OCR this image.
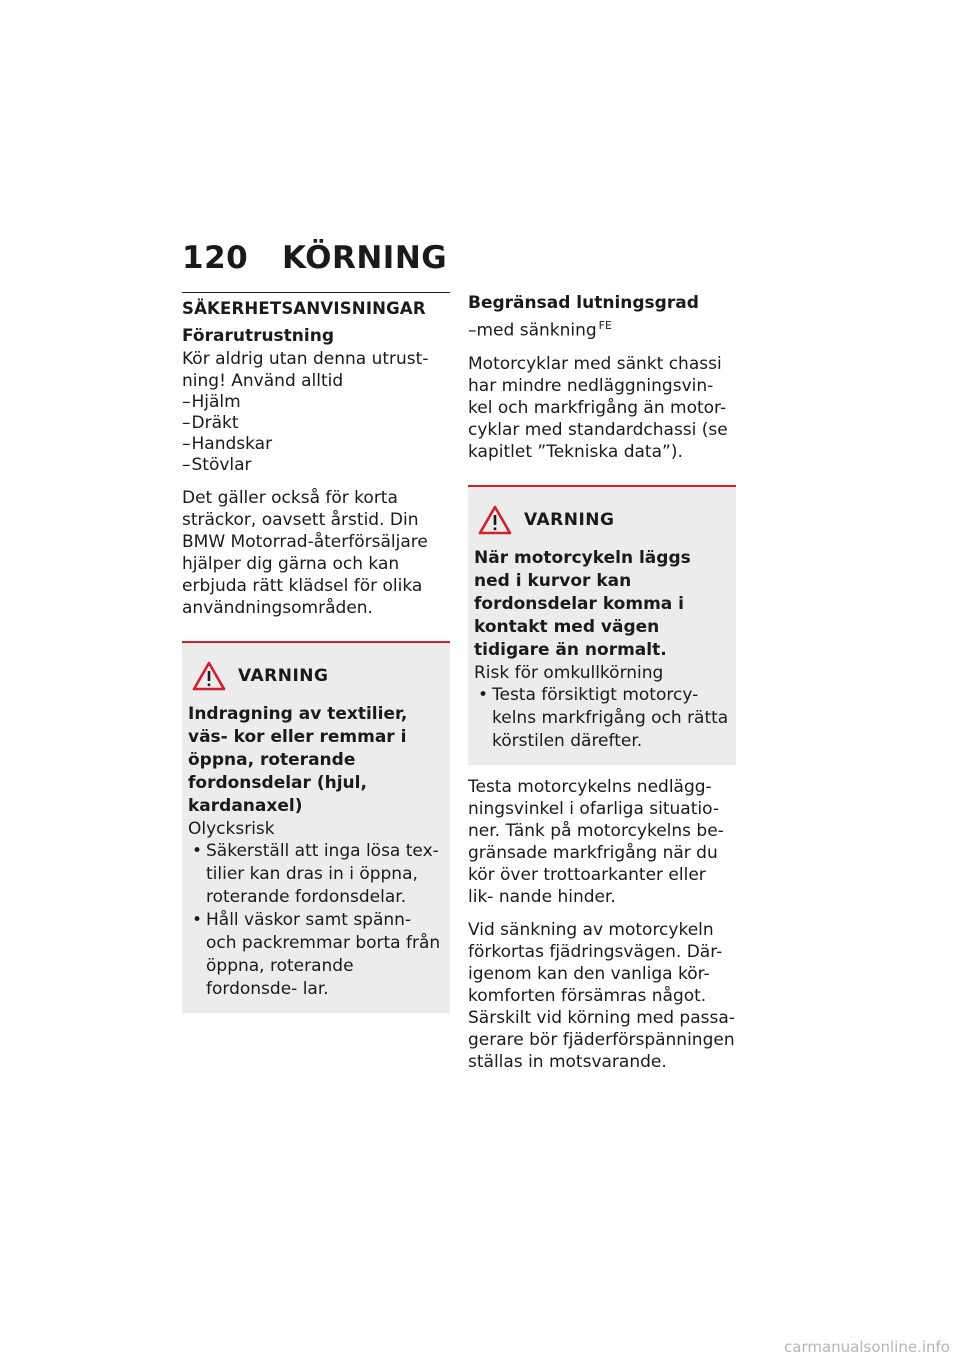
120 KÖRNING
SÄKERHETSANVISNINGAR
Förarutrustning

Kör aldrig utan denna utrust- ning! Använd alltid

– Hjälm
– Dräkt
– Handskar
– Stövlar

Det gäller också för korta sträckor, oavsett årstid. Din BMW Motorrad-återförsäljare hjälper dig gärna och kan erbjuda rätt klädsel för olika användningsområden.

VARNING
Indragning av textilier, väs- kor eller remmar i öppna, roterande fordonsdelar (hjul, kardanaxel)

Olycksrisk

• Säkerställ att inga lösa tex- tilier kan dras in i öppna, roterande fordonsdelar.
• Håll väskor samt spänn- och packremmar borta från öppna, roterande fordonsde- lar.
Begränsad lutningsgrad

–med sänkning $^{FE}$

Motorcyklar med sänkt chassi har mindre nedläggningsvin- kel och markfrigång än motor- cyklar med standardchassi (se kapitlet ”Tekniska data”).

VARNING
När motorcykeln läggs ned i kurvor kan fordonsdelar komma i kontakt med vägen tidigare än normalt.

Risk för omkullkörning

• Testa försiktigt motorcy- kelns markfrigång och rätta körstilen därefter.

Testa motorcykelns nedlägg- ningsvinkel i ofarliga situatio- ner. Tänk på motorcykelns be- gränsade markfrigång när du kör över trottoarkanter eller lik- nande hinder.

Vid sänkning av motorcykeln förkortas fjädringsvägen. Där- igenom kan den vanliga kör- komforten försämras något. Särskilt vid körning med passa- gerare bör fjäderförspänningen ställas in motsvarande.

carmanualsonline.info
